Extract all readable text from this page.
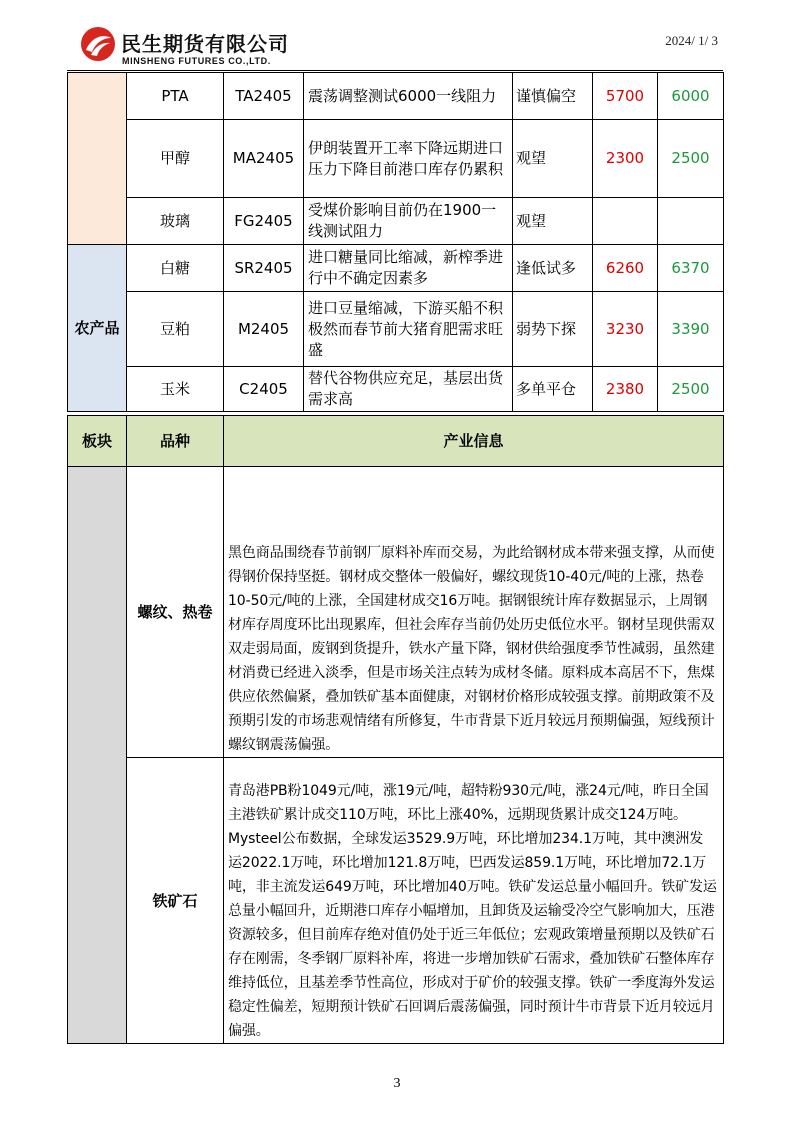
民生期货有限公司
MINSHENG FUTURES CO.,LTD.
2024/ 1/ 3
	PTA	TA2405	震荡调整测试6000一线阻力	谨慎偏空	5700	6000
	甲醇	MA2405	伊朗装置开工率下降远期进口压力下降目前港口库存仍累积	观望	2300	2500
	玻璃	FG2405	受煤价影响目前仍在1900一线测试阻力	观望		
农产品	白糖	SR2405	进口糖量同比缩减，新榨季进行中不确定因素多	逢低试多	6260	6370
	豆粕	M2405	进口豆量缩减，下游买船不积极然而春节前大猪育肥需求旺盛	弱势下探	3230	3390
	玉米	C2405	替代谷物供应充足，基层出货需求高	多单平仓	2380	2500
板块	品种	产业信息
	螺纹、热卷	黑色商品围绕春节前钢厂原料补库而交易，为此给钢材成本带来强支撑，从而使得钢价保持坚挺。钢材成交整体一般偏好，螺纹现货10-40元/吨的上涨，热卷10-50元/吨的上涨，全国建材成交16万吨。据钢银统计库存数据显示，上周钢材库存周度环比出现累库，但社会库存当前仍处历史低位水平。钢材呈现供需双双走弱局面，废钢到货提升，铁水产量下降，钢材供给强度季节性减弱，虽然建材消费已经进入淡季，但是市场关注点转为成材冬储。原料成本高居不下，焦煤供应依然偏紧，叠加铁矿基本面健康，对钢材价格形成较强支撑。前期政策不及预期引发的市场悲观情绪有所修复，牛市背景下近月较远月预期偏强，短线预计螺纹钢震荡偏强。
	铁矿石	青岛港PB粉1049元/吨，涨19元/吨，超特粉930元/吨，涨24元/吨，昨日全国主港铁矿累计成交110万吨，环比上涨40%，远期现货累计成交124万吨。Mysteel公布数据，全球发运3529.9万吨，环比增加234.1万吨，其中澳洲发运2022.1万吨，环比增加121.8万吨，巴西发运859.1万吨，环比增加72.1万吨，非主流发运649万吨，环比增加40万吨。铁矿发运总量小幅回升。铁矿发运总量小幅回升，近期港口库存小幅增加，且卸货及运输受冷空气影响加大，压港资源较多，但目前库存绝对值仍处于近三年低位；宏观政策增量预期以及铁矿石存在刚需，冬季钢厂原料补库，将进一步增加铁矿石需求，叠加铁矿石整体库存维持低位，且基差季节性高位，形成对于矿价的较强支撑。铁矿一季度海外发运稳定性偏差，短期预计铁矿石回调后震荡偏强，同时预计牛市背景下近月较远月偏强。
3
